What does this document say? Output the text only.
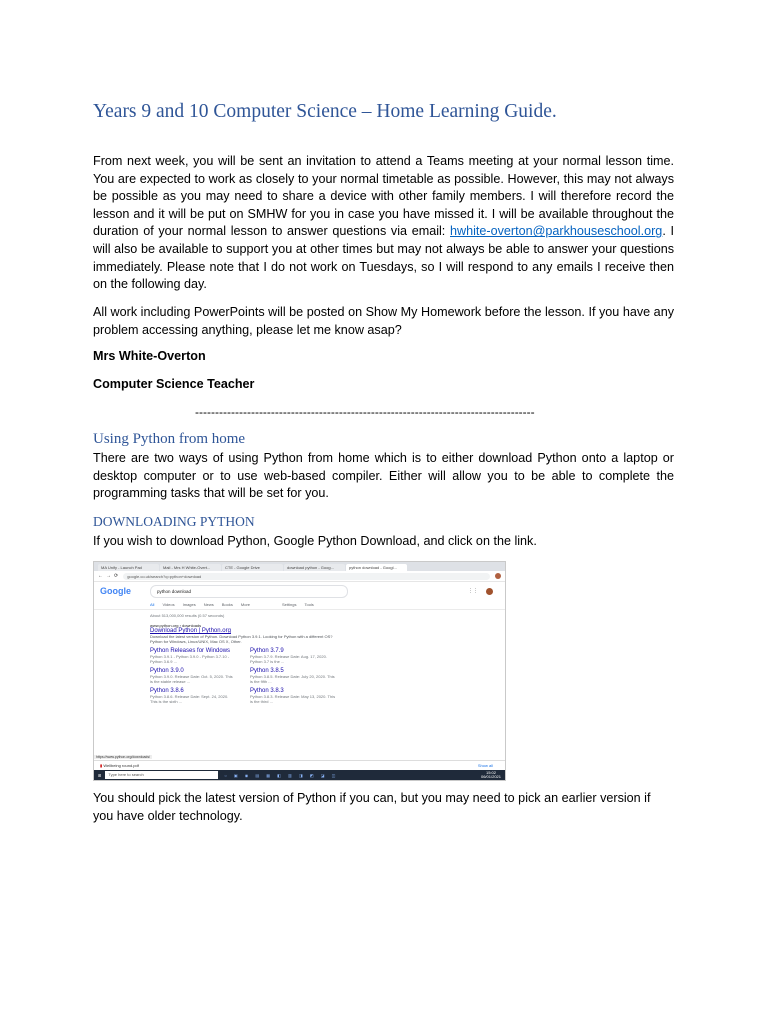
Years 9 and 10 Computer Science – Home Learning Guide.

From next week, you will be sent an invitation to attend a Teams meeting at your normal lesson time. You are expected to work as closely to your normal timetable as possible. However, this may not always be possible as you may need to share a device with other family members. I will therefore record the lesson and it will be put on SMHW for you in case you have missed it. I will be available throughout the duration of your normal lesson to answer questions via email: hwhite-overton@parkhouseschool.org. I will also be available to support you at other times but may not always be able to answer your questions immediately. Please note that I do not work on Tuesdays, so I will respond to any emails I receive then on the following day.

All work including PowerPoints will be posted on Show My Homework before the lesson. If you have any problem accessing anything, please let me know asap?

Mrs White-Overton

Computer Science Teacher

-------------------------------------------------------------------------------------
Using Python from home

There are two ways of using Python from home which is to either download Python onto a laptop or desktop computer or to use web-based compiler. Either will allow you to be able to complete the programming tasks that will be set for you.

DOWNLOADING PYTHON

If you wish to download Python, Google Python Download, and click on the link.

MA Unify - Launch Pad	Mail - Mrs H White-Overt...	CTE - Google Drive	download python - Goog...	python download - Googl...
← → ⟳	google.co.uk/search?q=python+download
Google	python download	⋮⋮
All Videos Images News Books More	Settings Tools
About 513,000,000 results (0.57 seconds)
www.python.org › downloads
Download Python | Python.org
Download the latest version of Python. Download Python 3.9.1. Looking for Python with a different OS? Python for Windows, Linux/UNIX, Mac OS X, Other.
Python Releases for Windows
Python 3.9.1 - Python 3.9.0 - Python 3.7.10 - Python 3.6.9 ...
Python 3.7.9
Python 3.7.9. Release Date: Aug. 17, 2020. Python 3.7 is the ...
Python 3.9.0
Python 3.9.0. Release Date: Oct. 5, 2020. This is the stable release ...
Python 3.8.5
Python 3.8.5. Release Date: July 20, 2020. This is the fifth ...
Python 3.8.6
Python 3.8.6. Release Date: Sept. 24, 2020. This is the sixth ...
Python 3.8.3
Python 3.8.3. Release Date: May 13, 2020. This is the third ...
https://www.python.org/downloads/
▮ Wellbeing round.pdf	Show all
⊞	Type here to search	○ ▣ ◉ ▤ ▦ ◧ ▥ ◨ ◩ ◪ ◫	15:02
06/01/2021

You should pick the latest version of Python if you can, but you may need to pick an earlier version if you have older technology.
